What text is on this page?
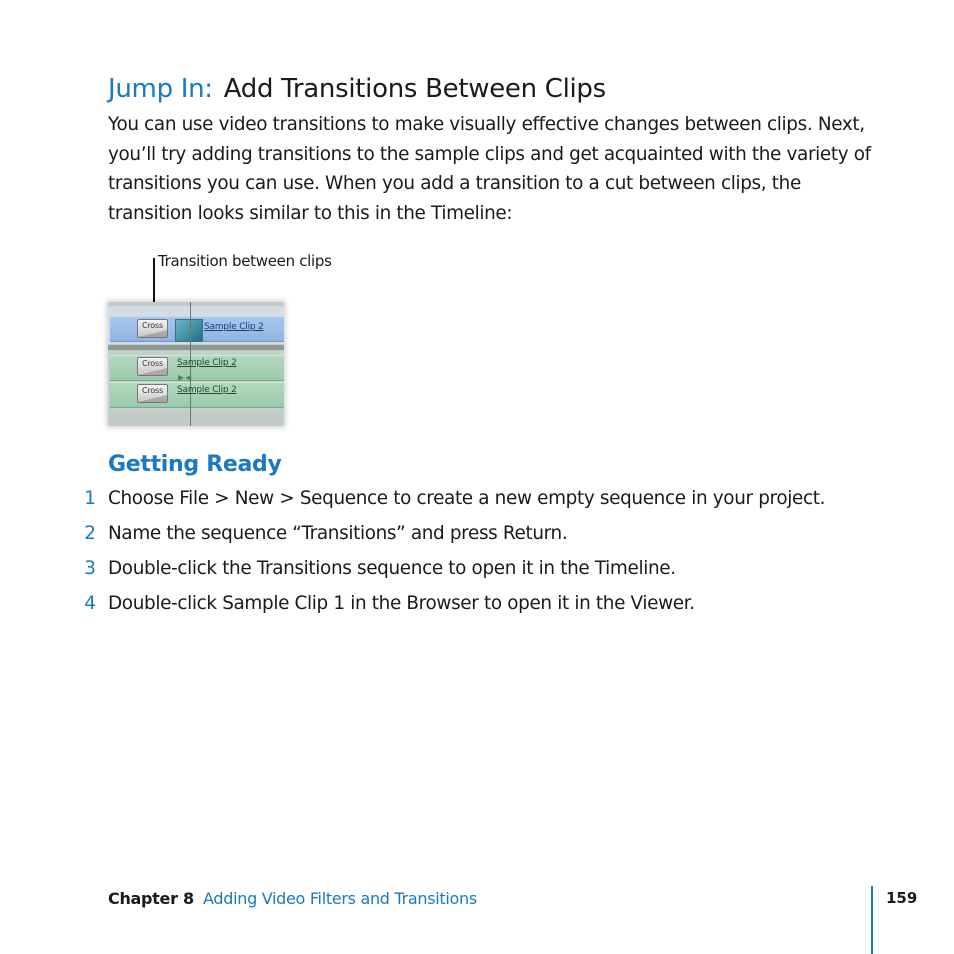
Jump In: Add Transitions Between Clips

You can use video transitions to make visually effective changes between clips. Next, you’ll try adding transitions to the sample clips and get acquainted with the variety of transitions you can use. When you add a transition to a cut between clips, the transition looks similar to this in the Timeline:

Transition between clips
Cross
Cross
Cross
▶◀
Sample Clip 2
Sample Clip 2
Sample Clip 2
Getting Ready
1 Choose File > New > Sequence to create a new empty sequence in your project.
2 Name the sequence “Transitions” and press Return.
3 Double-click the Transitions sequence to open it in the Timeline.
4 Double-click Sample Clip 1 in the Browser to open it in the Viewer.
Chapter 8 Adding Video Filters and Transitions	159
